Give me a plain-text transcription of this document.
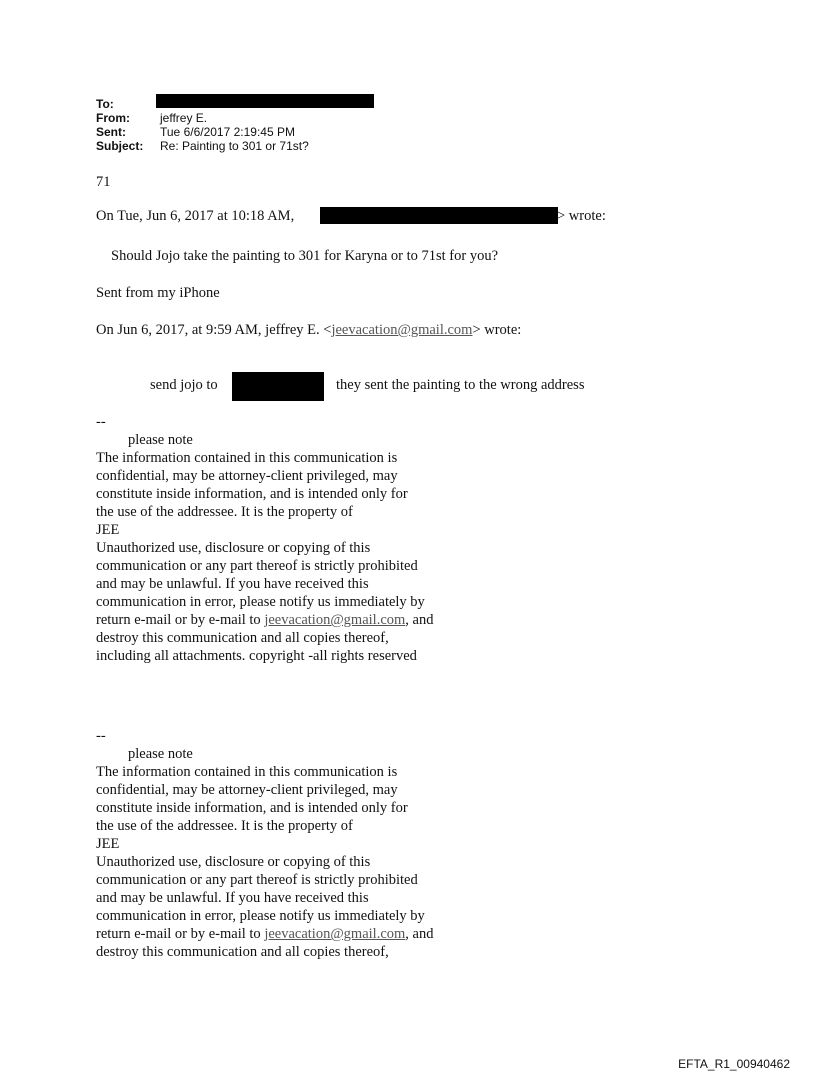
To:
From:	jeffrey E.
Sent:	Tue 6/6/2017 2:19:45 PM
Subject: Re: Painting to 301 or 71st?
71
On Tue, Jun 6, 2017 at 10:18 AM,	> wrote:
Should Jojo take the painting to 301 for Karyna or to 71st for you?
Sent from my iPhone
On Jun 6, 2017, at 9:59 AM, jeffrey E. <jeevacation@gmail.com> wrote:
send jojo to	they sent the painting to the wrong address
--
please note
The information contained in this communication is
confidential, may be attorney-client privileged, may
constitute inside information, and is intended only for
the use of the addressee. It is the property of
JEE
Unauthorized use, disclosure or copying of this
communication or any part thereof is strictly prohibited
and may be unlawful. If you have received this
communication in error, please notify us immediately by
return e-mail or by e-mail to jeevacation@gmail.com, and
destroy this communication and all copies thereof,
including all attachments. copyright -all rights reserved
--
please note
The information contained in this communication is
confidential, may be attorney-client privileged, may
constitute inside information, and is intended only for
the use of the addressee. It is the property of
JEE
Unauthorized use, disclosure or copying of this
communication or any part thereof is strictly prohibited
and may be unlawful. If you have received this
communication in error, please notify us immediately by
return e-mail or by e-mail to jeevacation@gmail.com, and
destroy this communication and all copies thereof,
EFTA_R1_00940462
